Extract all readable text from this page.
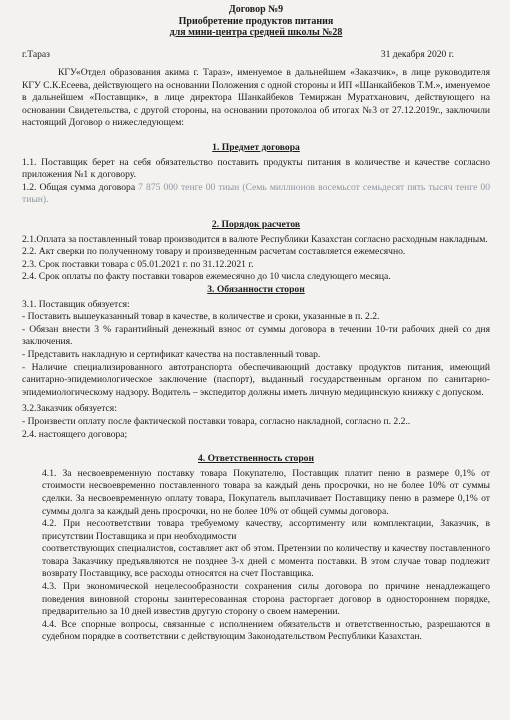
Договор №9
Приобретение продуктов питания
для мини-центра средней школы №28
г.Тараз	31 декабря 2020 г.
КГУ«Отдел образования акима г. Тараз», именуемое в дальнейшем «Заказчик», в лице руководителя КГУ С.К.Есеева, действующего на основании Положения с одной стороны и ИП «Шанкайбеков Т.М.», именуемое в дальнейшем «Поставщик», в лице директора Шанкайбеков Темиржан Муратханович, действующего на основании Свидетельства, с другой стороны, на основании протоколоа об итогах №3 от 27.12.2019г., заключили настоящий Договор о нижеследующем:
1. Предмет договора
1.1. Поставщик берет на себя обязательство поставить продукты питания в количестве и качестве согласно приложения №1 к договору.
1.2. Общая сумма договора 7 875 000 тенге 00 тиын (Семь миллионов восемьсот семьдесят пять тысяч тенге 00 тиын).
2. Порядок расчетов
2.1.Оплата за поставленный товар производится в валюте Республики Казахстан согласно расходным накладным.
2.2. Акт сверки по полученному товару и произведенным расчетам составляется ежемесячно.
2.3. Срок поставки товара с 05.01.2021 г. по 31.12.2021 г.
2.4. Срок оплаты по факту поставки товаров ежемесячно до 10 числа следующего месяца.
3. Обязанности сторон
3.1. Поставщик обязуется:
- Поставить вышеуказанный товар в качестве, в количестве и сроки, указанные в п. 2.2.
- Обязан внести 3 % гарантийный денежный взнос от суммы договора в течении 10-ти рабочих дней со дня заключения.
- Представить накладную и сертификат качества на поставленный товар.
- Наличие специализированного автотранспорта обеспечивающий доставку продуктов питания, имеющий санитарно-эпидемиологическое заключение (паспорт), выданный государственным органом по санитарно-эпидемиологическому надзору. Водитель – экспедитор должны иметь личную медицинскую книжку с допуском.
3.2.Заказчик обязуется:
- Произвести оплату после фактической поставки товара, согласно накладной, согласно п. 2.2..
2.4. настоящего договора;
4. Ответственность сторон
4.1. За несвоевременную поставку товара Покупателю, Поставщик платит пеню в размере 0,1% от стоимости несвоевременно поставленного товара за каждый день просрочки, но не более 10% от суммы сделки. За несвоевременную оплату товара, Покупатель выплачивает Поставщику пеню в размере 0,1% от суммы долга за каждый день просрочки, но не более 10% от общей суммы договора.
4.2. При несоответствии товара требуемому качеству, ассортименту или комплектации, Заказчик, в присутствии Поставщика и при необходимости
соответствующих специалистов, составляет акт об этом. Претензии по количеству и качеству поставленного товара Заказчику предъявляются не позднее 3-х дней с момента поставки. В этом случае товар подлежит возврату Поставщику, все расходы относятся на счет Поставщика.
4.3. При экономической нецелесообразности сохранения силы договора по причине ненадлежащего поведения виновной стороны заинтересованная сторона расторгает договор в одностороннем порядке, предварительно за 10 дней известив другую сторону о своем намерении.
4.4. Все спорные вопросы, связанные с исполнением обязательств и ответственностью, разрешаются в судебном порядке в соответствии с действующим Законодательством Республики Казахстан.
